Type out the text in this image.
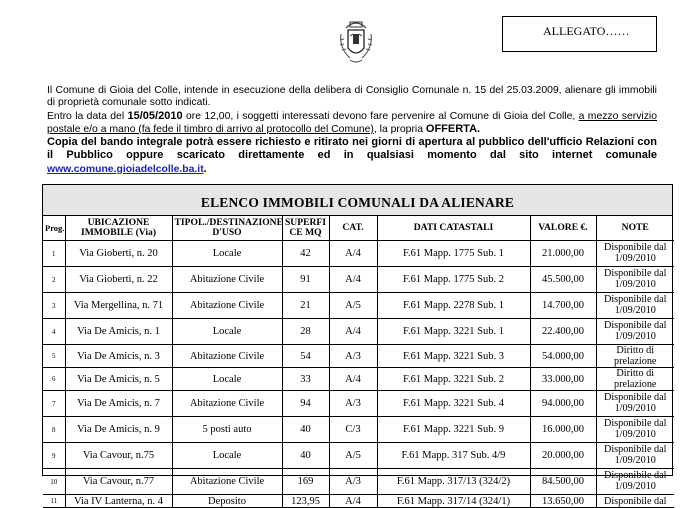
ALLEGATO……

Il Comune di Gioia del Colle, intende in esecuzione della delibera di Consiglio Comunale n. 15 del 25.03.2009, alienare gli immobili di proprietà comunale sotto indicati.

Entro la data del 15/05/2010 ore 12,00, i soggetti interessati devono fare pervenire al Comune di Gioia del Colle, a mezzo servizio postale e/o a mano (fa fede il timbro di arrivo al protocollo del Comune), la propria OFFERTA.

Copia del bando integrale potrà essere richiesto e ritirato nei giorni di apertura al pubblico dell'ufficio Relazioni con il Pubblico oppure scaricato direttamente ed in qualsiasi momento dal sito internet comunale www.comune.gioiadelcolle.ba.it.

ELENCO IMMOBILI COMUNALI DA ALIENARE
Prog.	UBICAZIONE IMMOBILE (Via)	TIPOL./DESTINAZIONE D'USO	SUPERFI CE MQ	CAT.	DATI CATASTALI	VALORE €.	NOTE
1	Via Gioberti, n. 20	Locale	42	A/4	F.61 Mapp. 1775 Sub. 1	21.000,00	Disponibile dal 1/09/2010
2	Via Gioberti, n. 22	Abitazione Civile	91	A/4	F.61 Mapp. 1775 Sub. 2	45.500,00	Disponibile dal 1/09/2010
3	Via Mergellina, n. 71	Abitazione Civile	21	A/5	F.61 Mapp. 2278 Sub. 1	14.700,00	Disponibile dal 1/09/2010
4	Via De Amicis, n. 1	Locale	28	A/4	F.61 Mapp. 3221 Sub. 1	22.400,00	Disponibile dal 1/09/2010
5	Via De Amicis, n. 3	Abitazione Civile	54	A/3	F.61 Mapp. 3221 Sub. 3	54.000,00	Diritto di prelazione
6	Via De Amicis, n. 5	Locale	33	A/4	F.61 Mapp. 3221 Sub. 2	33.000,00	Diritto di prelazione
7	Via De Amicis, n. 7	Abitazione Civile	94	A/3	F.61 Mapp. 3221 Sub. 4	94.000,00	Disponibile dal 1/09/2010
8	Via De Amicis, n. 9	5 posti auto	40	C/3	F.61 Mapp. 3221 Sub. 9	16.000,00	Disponibile dal 1/09/2010
9	Via Cavour, n.75	Locale	40	A/5	F.61 Mapp. 317 Sub. 4/9	20.000,00	Disponibile dal 1/09/2010
10	Via Cavour, n.77	Abitazione Civile	169	A/3	F.61 Mapp. 317/13 (324/2)	84.500,00	Disponibile dal 1/09/2010
11	Via IV Lanterna, n. 4	Deposito	123,95	A/4	F.61 Mapp. 317/14 (324/1)	13.650,00	Disponibile dal
